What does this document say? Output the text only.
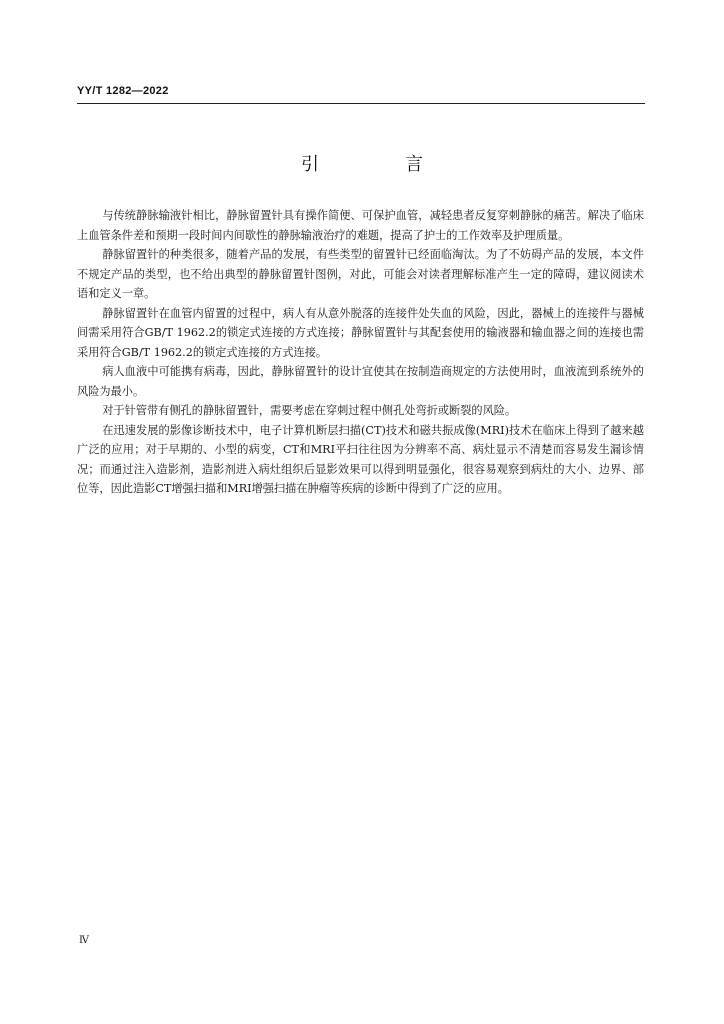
YY/T 1282—2022
引　言

与传统静脉输液针相比，静脉留置针具有操作简便、可保护血管，减轻患者反复穿刺静脉的痛苦。解决了临床上血管条件差和预期一段时间内间歇性的静脉输液治疗的难题，提高了护士的工作效率及护理质量。

静脉留置针的种类很多，随着产品的发展，有些类型的留置针已经面临淘汰。为了不妨碍产品的发展，本文件不规定产品的类型，也不给出典型的静脉留置针图例，对此，可能会对读者理解标准产生一定的障碍，建议阅读术语和定义一章。

静脉留置针在血管内留置的过程中，病人有从意外脱落的连接件处失血的风险，因此，器械上的连接件与器械间需采用符合GB/T 1962.2的锁定式连接的方式连接；静脉留置针与其配套使用的输液器和输血器之间的连接也需采用符合GB/T 1962.2的锁定式连接的方式连接。

病人血液中可能携有病毒，因此，静脉留置针的设计宜使其在按制造商规定的方法使用时，血液流到系统外的风险为最小。

对于针管带有侧孔的静脉留置针，需要考虑在穿刺过程中侧孔处弯折或断裂的风险。

在迅速发展的影像诊断技术中，电子计算机断层扫描(CT)技术和磁共振成像(MRI)技术在临床上得到了越来越广泛的应用；对于早期的、小型的病变，CT和MRI平扫往往因为分辨率不高、病灶显示不清楚而容易发生漏诊情况；而通过注入造影剂，造影剂进入病灶组织后显影效果可以得到明显强化，很容易观察到病灶的大小、边界、部位等，因此造影CT增强扫描和MRI增强扫描在肿瘤等疾病的诊断中得到了广泛的应用。

Ⅳ
